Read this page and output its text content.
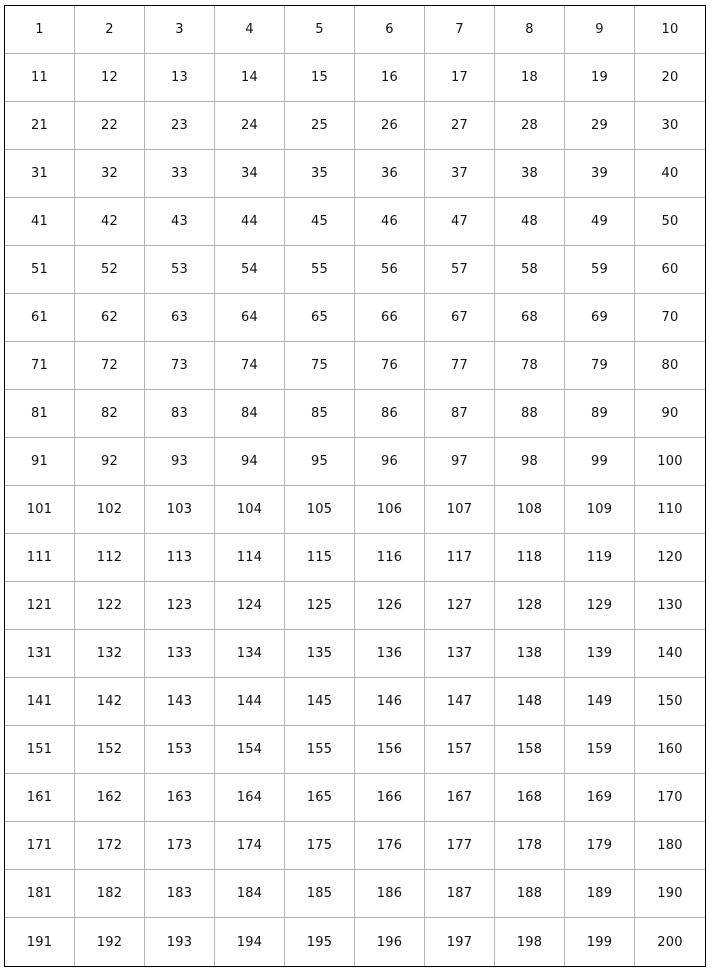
1	2	3	4	5	6	7	8	9	10
11	12	13	14	15	16	17	18	19	20
21	22	23	24	25	26	27	28	29	30
31	32	33	34	35	36	37	38	39	40
41	42	43	44	45	46	47	48	49	50
51	52	53	54	55	56	57	58	59	60
61	62	63	64	65	66	67	68	69	70
71	72	73	74	75	76	77	78	79	80
81	82	83	84	85	86	87	88	89	90
91	92	93	94	95	96	97	98	99	100
101	102	103	104	105	106	107	108	109	110
111	112	113	114	115	116	117	118	119	120
121	122	123	124	125	126	127	128	129	130
131	132	133	134	135	136	137	138	139	140
141	142	143	144	145	146	147	148	149	150
151	152	153	154	155	156	157	158	159	160
161	162	163	164	165	166	167	168	169	170
171	172	173	174	175	176	177	178	179	180
181	182	183	184	185	186	187	188	189	190
191	192	193	194	195	196	197	198	199	200
